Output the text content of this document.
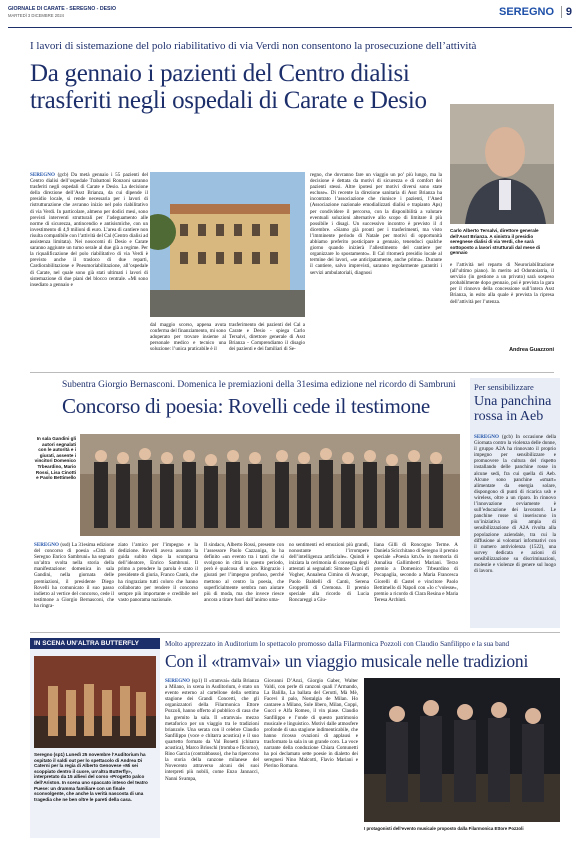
GIORNALE DI CARATE - SEREGNO - DESIO
MARTEDÌ 3 DICEMBRE 2024	SEREGNO	9
I lavori di sistemazione del polo riabilitativo di via Verdi non consentono la prosecuzione dell’attività
Da gennaio i pazienti del Centro dialisi
trasferiti negli ospedali di Carate e Desio
Carlo Alberto Tersalvi, direttore generale dell’Asst Brianza. A sinistra il presidio seregnese dialisi di via Verdi, che sarà sottoposto a lavori strutturali dal mese di gennaio
SEREGNO (gcb) Da metà gennaio i 55 pazienti del Centro dialisi dell’ospedale Trabattoni Ronzoni saranno trasferiti negli ospedali di Carate e Desio. La decisione della direzione dell’Asst Brianza, da cui dipende il presidio locale, si rende necessaria per i lavori di ristrutturazione che avranno inizio nel polo riabilitativo di via Verdi. In particolare, almeno per dodici mesi, sono previsti interventi strutturali per l’adeguamento alle norme di sicurezza, antincendio e antisismiche, con un investimento di 4,9 milioni di euro. L’area di cantiere non risulta compatibile con l’attività del Cal (Centro dialisi ad assistenza limitata). Nei nosocomi di Desio e Carate saranno aggiunte un turno serale al due già a regime. Per la riqualificazione del polo riabilitativo di via Verdi è previsto anche il trasloco di due reparti, Cardiorabilitazione e Pneumoriabilitazione, all’ospedale di Carate, nel quale sono già stati ultimati i lavori di sistemazione di due piani del blocco centrale. «Mi sono insediato a gennaio e
dal maggio scorso, appena avuta conferma del finanziamento, mi sono adoperato per trovare insieme al personale medico e tecnico una soluzione: l’unica praticabile è il
trasferimento dei pazienti del Cal a Carate e Desio - spiega Carlo Tersalvi, direttore generale di Asst Brianza - Comprendiamo il disagio dei pazienti e dei familiari di Se-
regno, che dovranno fare un viaggio un po’ più lungo, ma la decisione è dettata da motivi di sicurezza e di comfort dei pazienti stessi. Altre ipotesi per motivi diversi sono state escluse». Di recente la direzione sanitaria di Asst Brianza ha incontrato l’associazione che riunisce i pazienti, l’Aned (Associazione nazionale emodializzati dialisi e trapianto Aps) per condividere il percorso, con la disponibilità a valutare eventuali soluzioni alternative allo scopo di limitare il più possibile i disagi. Un successivo incontro è previsto il 4 dicembre. «Siamo già pronti per i trasferimenti, ma visto l’imminente periodo di Natale per motivi di opportunità abbiamo preferito posticipare a gennaio, tenendoci qualche giorno quando inizierà l’allestimento del cantiere per organizzare lo spostamento». Il Cal ritornerà presidio locale al termine dei lavori, «se anticipatamente, anche prima». Durante il cantiere, salvo imprevisti, saranno regolarmente garantiti i servizi ambulatoriali, diagnosi
e l’attività nel reparto di Neuroriabilitazione (all’ultimo piano). In merito ad Odontoiatria, il servizio (in gestione a un privato) sarà sospeso probabilmente dopo gennaio, poi è prevista la gara per il rinnovo della concessione sull’intera Asst Brianza, in esito alla quale è prevista la ripresa dell’attività per l’utenza.
Andrea Guazzoni
Subentra Giorgio Bernasconi. Domenica le premiazioni della 31esima edizione nel ricordo di Sambruni
Concorso di poesia: Rovelli cede il testimone
In sala Gandini gli autori segnalati con le autorità e i giurati, assente i vincitori Domenico Trbeardino, Mario Rossi, Lisa Cinotti e Paolo Bettimello
SEREGNO (ssd) La 31esima edizione del concorso di poesia «Città di Seregno Enrico Sambruni» ha segnato un’altra svolta nella storia della manifestazione: domenica in sala Gandini, nella giornata delle premiazioni, il presidente Diego Rovelli ha comunicato il suo passo indietro al vertice del concorso, cede il testimone a Giorgio Bernasconi, che ha ringra-
ziato l’amico per l’impegno e la dedizione. Rovelli aveva assunto la guida subito dopo la scomparsa dell’ideatore, Enrico Sambruni. Il primo a prendere la parola è stato il presidente di giuria, Franco Cantù, che ha ringraziato tutti coloro che hanno collaborato per rendere il concorso sempre più importante e credibile nel vasto panorama nazionale.
Il sindaco, Alberto Rossi, presente con l’assessore Paolo Cazzaniga, lo ha definito «un evento tra i tanti che si svolgono in città in questo periodo, però è qualcosa di unico. Ringrazio i giurati per l’impegno profuso, perché mettono al centro la poesia, che superficialmente sembra non aiutare più di moda, ma che invece riesce ancora a tirare fuori dall’animo uma-
no sentimenti ed emozioni più grandi, nonostante l’irrompere dell’intelligenza artificiale». Quindi è iniziata la cerimonia di consegna degli attestati ai segnalati: Simone Cigni di Vogher, Annalena Cimino di Avacupt, Paolo Baldelli di Cantù, Serena Groppelli di Cremona. Il premio speciale alla ricordo di Lucia Roncareggi a Giu-
liana Gilli di Roncogno Terme. A Daniela Scicchitano di Seregno il premio speciale «Poesia km.0» in memoria di Annalisa Gallimberti Mariani. Terzo premio a Domenico Trbeardino di Pocapaglia, secondo a Maria Francesca Giorelli di Castel e vincitore Paolo Bettimello di Napoli con «Io c’volesse», premio a ricordo di Clara Resina e Maria Teresa Archinti.
Per sensibilizzare
Una panchina
rossa in Aeb
SEREGNO (gcb) In occasione della Giornata contro la violenza delle donne, il gruppo A2A ha rinnovato il proprio impegno per sensibilizzare e promuovere la cultura del rispetto installando delle panchine rosse in alcune sedi, fra cui quella di Aeb. Alcune sono panchine «smart» alimentate da energia solare, dispongono di punti di ricarica usb e wireless, oltre a un riparo. In rinnovo l’innovazione ovviamente è sull’educazione dei lavoratori. Le panchine rosse si inseriscono in un’iniziativa più ampia di sensibilizzazione di A2A rivolta alla popolazione aziendale, tra cui la diffusione ai volontari informativi con il numero antiviolenza (1522), una survey dedicata e azioni di sensibilizzazione su discriminazioni, molestie e violenze di genere sul luogo di lavoro.
IN SCENA UN’ALTRA BUTTERFLY
Seregno (sp1) Lunedì 25 novembre l’Auditorium ha ospitato il saldi out per lo spettacolo di Andrea Di Caterni per la regia di Alberto Genovese «Mi sei scoppiato dentro il cuore, un’altra Butterfly», interpretato da 15 allievi del corso «Progetto palco dell’Ariston. In scena uno spaccato inteso del teatro Puese: un dramma familiare con un finale sconvolgente, che anche la verità nascosta di una tragedia che ne ben oltre le pareti della casa.
Molto apprezzato in Auditorium lo spettacolo promosso dalla Filarmonica Pozzoli con Claudio Sanfilippo e la sua band
Con il «tramvai» un viaggio musicale nelle tradizioni
SEREGNO (sp1) Il «tramvai» dalla Brianza a Milano, in scena in Auditorium, è stato un evento esterno al cartellone della settima stagione dei Grandi Concerti, che gli organizzatori della Filarmonica Ettore Pozzoli, hanno offerto al pubblico di casa che ha gremito la sala. Il «tramvai» mezzo metaforico per un viaggio tra le tradizioni brianzole. Una serata con il celebre Claudio Sanfilippo (voce e chitarra acustica) e il suo quartetto formato da Val Bonetti (chitarra acustica), Marco Brioschi (tromba e flicorno), Rino Garcia (contrabbasso), che ha ripercorso la storia della canzone milanese del Novecento attraverso alcuni dei suoi interpreti più nobili, come Enzo Jannacci, Nanni Svampa,
Giovanni D’Anzi, Giorgio Gaber, Walter Valdi, con perle di canzoni quali l’Armando, La Balilla, La ballata del Cerutti, Mà Mè, Facevi il palo, Nostalgia de Milan. Ho cantaree a Milano, Sole libero, Milan, Coppi, Gucci e Alfa Romeo, il vin piase. Claudio Sanfilippo e l’onde di questo patrimonio musicale e linguistico. Motivi dalle atmosfere profonde di una stagione indimenticabile, che hanno ricosso ovazioni di applausi e trasformato la sala in un grande coro. La voce narrante della conduzione Chiara Comunetti ha poi declamato sette poesie in dialetto dei seregnesi Nino Malcotti, Flavio Mariani e Pierino Romano.
I protagonisti dell’evento musicale proposto dalla Filarmonica Ettore Pozzoli
